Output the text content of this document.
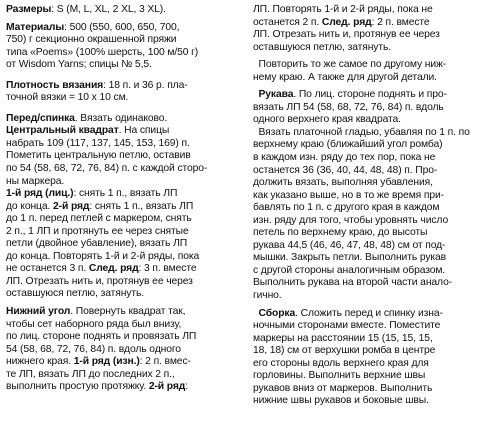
Размеры: S (M, L, XL, 2 XL, 3 XL).
Материалы: 500 (550, 600, 650, 700,
750) г секционно окрашенной пряжи
типа «Poems» (100% шерсть, 100 м/50 г)
от Wisdom Yarns; спицы № 5,5.
Плотность вязания: 18 п. и 36 р. пла-
точной вязки = 10 х 10 см.
Перед/спинка. Вязать одинаково.
Центральный квадрат. На спицы
набрать 109 (117, 137, 145, 153, 169) п.
Пометить центральную петлю, оставив
по 54 (58, 68, 72, 76, 84) п. с каждой сторо-
ны маркера.
1-й ряд (лиц.): снять 1 п., вязать ЛП
до конца. 2-й ряд: снять 1 п., вязать ЛП
до 1 п. перед петлей с маркером, снять
2 п., 1 ЛП и протянуть ее через снятые
петли (двойное убавление), вязать ЛП
до конца. Повторять 1-й и 2-й ряды, пока
не останется 3 п. След. ряд: 3 п. вместе
ЛП. Отрезать нить и, протянув ее через
оставшуюся петлю, затянуть.
Нижний угол. Повернуть квадрат так,
чтобы сет наборного ряда был внизу,
по лиц. стороне поднять и провязать ЛП
54 (58, 68, 72, 76, 84) п. вдоль одного
нижнего края. 1-й ряд (изн.): 2 п. вмес-
те ЛП, вязать ЛП до последних 2 п.,
выполнить простую протяжку. 2-й ряд:
ЛП. Повторять 1-й и 2-й ряды, пока не
останется 2 п. След. ряд: 2 п. вместе
ЛП. Отрезать нить и, протянув ее через
оставшуюся петлю, затянуть.
Повторить то же самое по другому ниж-
нему краю. А также для другой детали.
Рукава. По лиц. стороне поднять и про-
вязать ЛП 54 (58, 68, 72, 76, 84) п. вдоль
одного верхнего края квадрата.
Вязать платочной гладью, убавляя по 1 п. по
верхнему краю (ближайший угол ромба)
в каждом изн. ряду до тех пор, пока не
останется 36 (36, 40, 44, 48, 48) п. Про-
должить вязать, выполняя убавления,
как указано выше, но в то же время при-
бавлять по 1 п. с другого края в каждом
изн. ряду для того, чтобы уровнять число
петель по верхнему краю, до высоты
рукава 44,5 (46, 46, 47, 48, 48) см от под-
мышки. Закрыть петли. Выполнить рукав
с другой стороны аналогичным образом.
Выполнить рукава на второй части анало-
гично.
Сборка. Сложить перед и спинку изна-
ночными сторонами вместе. Поместите
маркеры на расстоянии 15 (15, 15, 15,
18, 18) см от верхушки ромба в центре
его стороны вдоль верхнего края для
горловины. Выполнить верхние швы
рукавов вниз от маркеров. Выполнить
нижние швы рукавов и боковые швы.
